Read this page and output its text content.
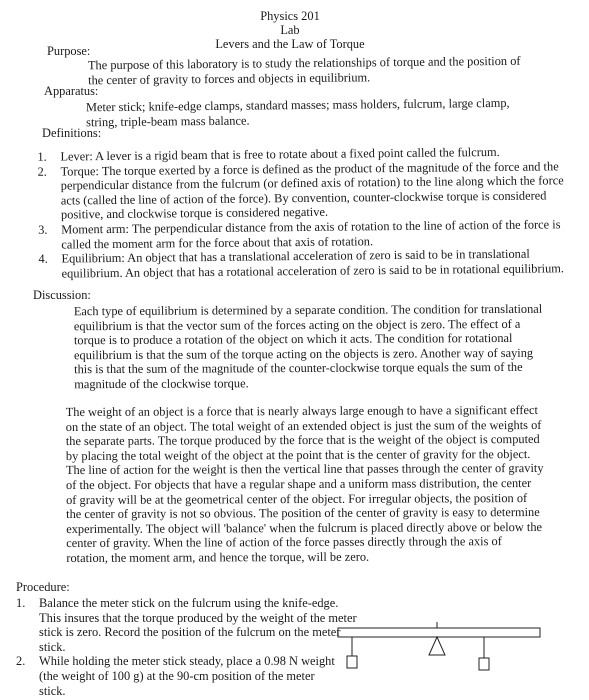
Physics 201
Lab
Levers and the Law of Torque
Purpose:

The purpose of this laboratory is to study the relationships of torque and the position of the center of gravity to forces and objects in equilibrium.

Apparatus:

Meter stick; knife-edge clamps, standard masses; mass holders, fulcrum, large clamp, string, triple-beam mass balance.

Definitions:
1. Lever: A lever is a rigid beam that is free to rotate about a fixed point called the fulcrum.
2. Torque: The torque exerted by a force is defined as the product of the magnitude of the force and the perpendicular distance from the fulcrum (or defined axis of rotation) to the line along which the force acts (called the line of action of the force). By convention, counter-clockwise torque is considered positive, and clockwise torque is considered negative.
3. Moment arm: The perpendicular distance from the axis of rotation to the line of action of the force is called the moment arm for the force about that axis of rotation.
4. Equilibrium: An object that has a translational acceleration of zero is said to be in translational equilibrium. An object that has a rotational acceleration of zero is said to be in rotational equilibrium.
Discussion:

Each type of equilibrium is determined by a separate condition. The condition for translational equilibrium is that the vector sum of the forces acting on the object is zero. The effect of a torque is to produce a rotation of the object on which it acts. The condition for rotational equilibrium is that the sum of the torque acting on the objects is zero. Another way of saying this is that the sum of the magnitude of the counter-clockwise torque equals the sum of the magnitude of the clockwise torque.

The weight of an object is a force that is nearly always large enough to have a significant effect on the state of an object. The total weight of an extended object is just the sum of the weights of the separate parts. The torque produced by the force that is the weight of the object is computed by placing the total weight of the object at the point that is the center of gravity for the object. The line of action for the weight is then the vertical line that passes through the center of gravity of the object. For objects that have a regular shape and a uniform mass distribution, the center of gravity will be at the geometrical center of the object. For irregular objects, the position of the center of gravity is not so obvious. The position of the center of gravity is easy to determine experimentally. The object will 'balance' when the fulcrum is placed directly above or below the center of gravity. When the line of action of the force passes directly through the axis of rotation, the moment arm, and hence the torque, will be zero.

Procedure:
1. Balance the meter stick on the fulcrum using the knife-edge. This insures that the torque produced by the weight of the meter stick is zero. Record the position of the fulcrum on the meter stick.
2. While holding the meter stick steady, place a 0.98 N weight (the weight of 100 g) at the 90-cm position of the meter stick.
